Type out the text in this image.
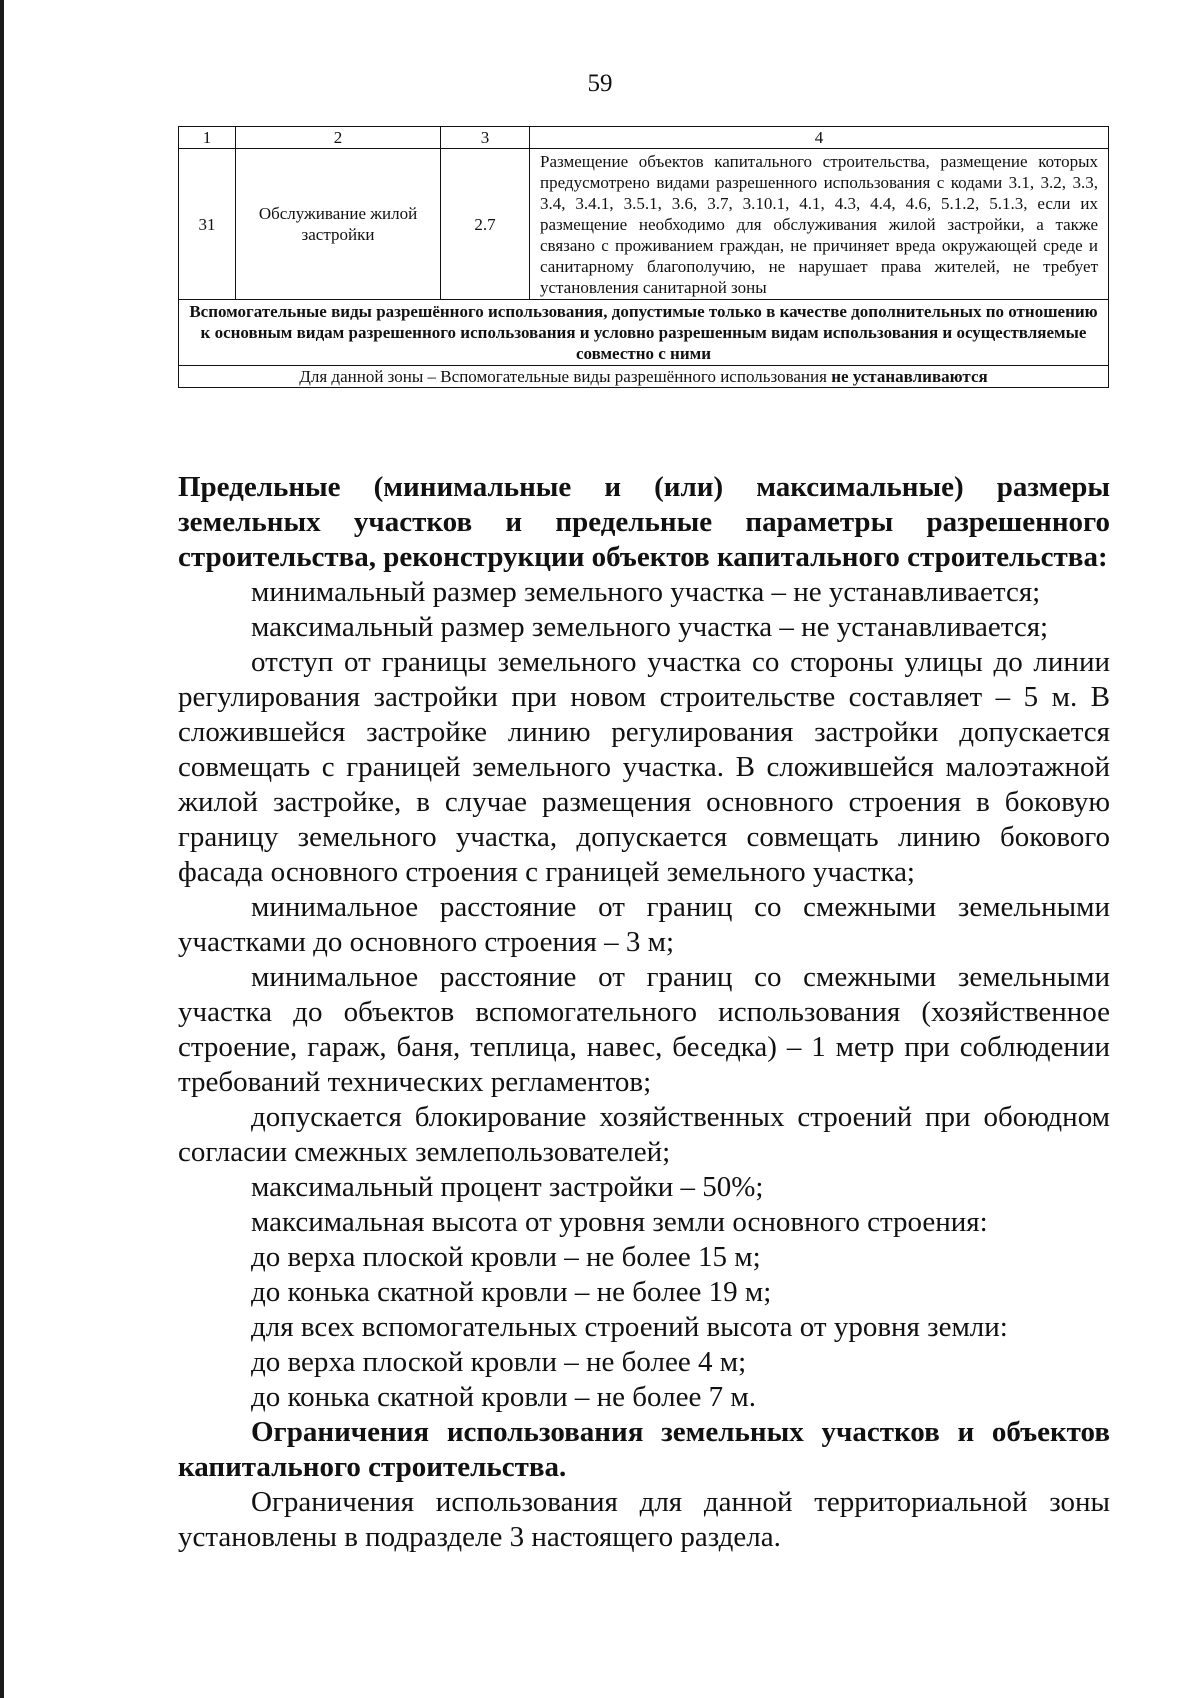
59
1	2	3	4
31	Обслуживание жилой застройки	2.7	Размещение объектов капитального строительства, размещение которых предусмотрено видами разрешенного использования с кодами 3.1, 3.2, 3.3, 3.4, 3.4.1, 3.5.1, 3.6, 3.7, 3.10.1, 4.1, 4.3, 4.4, 4.6, 5.1.2, 5.1.3, если их размещение необходимо для обслуживания жилой застройки, а также связано с проживанием граждан, не причиняет вреда окружающей среде и санитарному благополучию, не нарушает права жителей, не требует установления санитарной зоны
Вспомогательные виды разрешённого использования, допустимые только в качестве дополнительных по отношению к основным видам разрешенного использования и условно разрешенным видам использования и осуществляемые совместно с ними			
Для данной зоны – Вспомогательные виды разрешённого использования не устанавливаются			

Предельные (минимальные и (или) максимальные) размеры земельных участков и предельные параметры разрешенного строительства, реконструкции объектов капитального строительства:

минимальный размер земельного участка – не устанавливается;

максимальный размер земельного участка – не устанавливается;

отступ от границы земельного участка со стороны улицы до линии регулирования застройки при новом строительстве составляет – 5 м. В сложившейся застройке линию регулирования застройки допускается совмещать с границей земельного участка. В сложившейся малоэтажной жилой застройке, в случае размещения основного строения в боковую границу земельного участка, допускается совмещать линию бокового фасада основного строения с границей земельного участка;

минимальное расстояние от границ со смежными земельными участками до основного строения – 3 м;

минимальное расстояние от границ со смежными земельными участка до объектов вспомогательного использования (хозяйственное строение, гараж, баня, теплица, навес, беседка) – 1 метр при соблюдении требований технических регламентов;

допускается блокирование хозяйственных строений при обоюдном согласии смежных землепользователей;

максимальный процент застройки – 50%;

максимальная высота от уровня земли основного строения:

до верха плоской кровли – не более 15 м;

до конька скатной кровли – не более 19 м;

для всех вспомогательных строений высота от уровня земли:

до верха плоской кровли – не более 4 м;

до конька скатной кровли – не более 7 м.

Ограничения использования земельных участков и объектов капитального строительства.

Ограничения использования для данной территориальной зоны установлены в подразделе 3 настоящего раздела.
